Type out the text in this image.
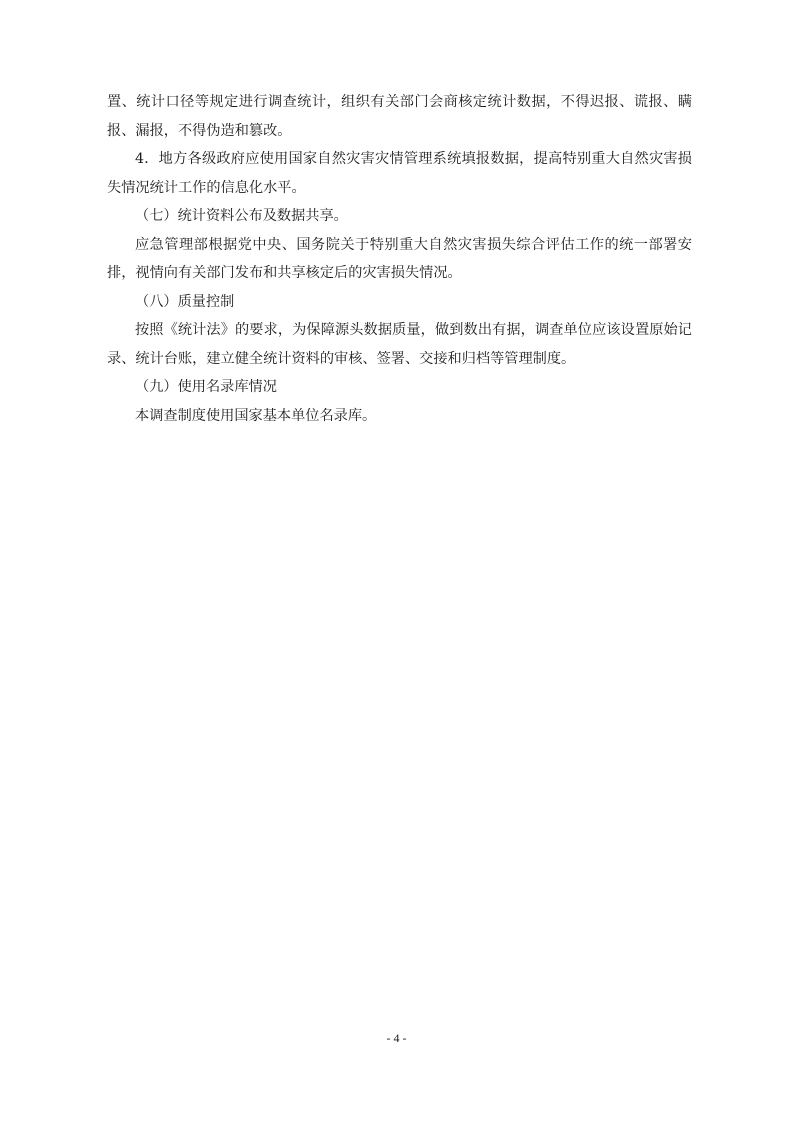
置、统计口径等规定进行调查统计，组织有关部门会商核定统计数据，不得迟报、谎报、瞒报、漏报，不得伪造和篡改。

4．地方各级政府应使用国家自然灾害灾情管理系统填报数据，提高特别重大自然灾害损失情况统计工作的信息化水平。

（七）统计资料公布及数据共享。

应急管理部根据党中央、国务院关于特别重大自然灾害损失综合评估工作的统一部署安排，视情向有关部门发布和共享核定后的灾害损失情况。

（八）质量控制

按照《统计法》的要求，为保障源头数据质量，做到数出有据，调查单位应该设置原始记录、统计台账，建立健全统计资料的审核、签署、交接和归档等管理制度。

（九）使用名录库情况

本调查制度使用国家基本单位名录库。

- 4 -
